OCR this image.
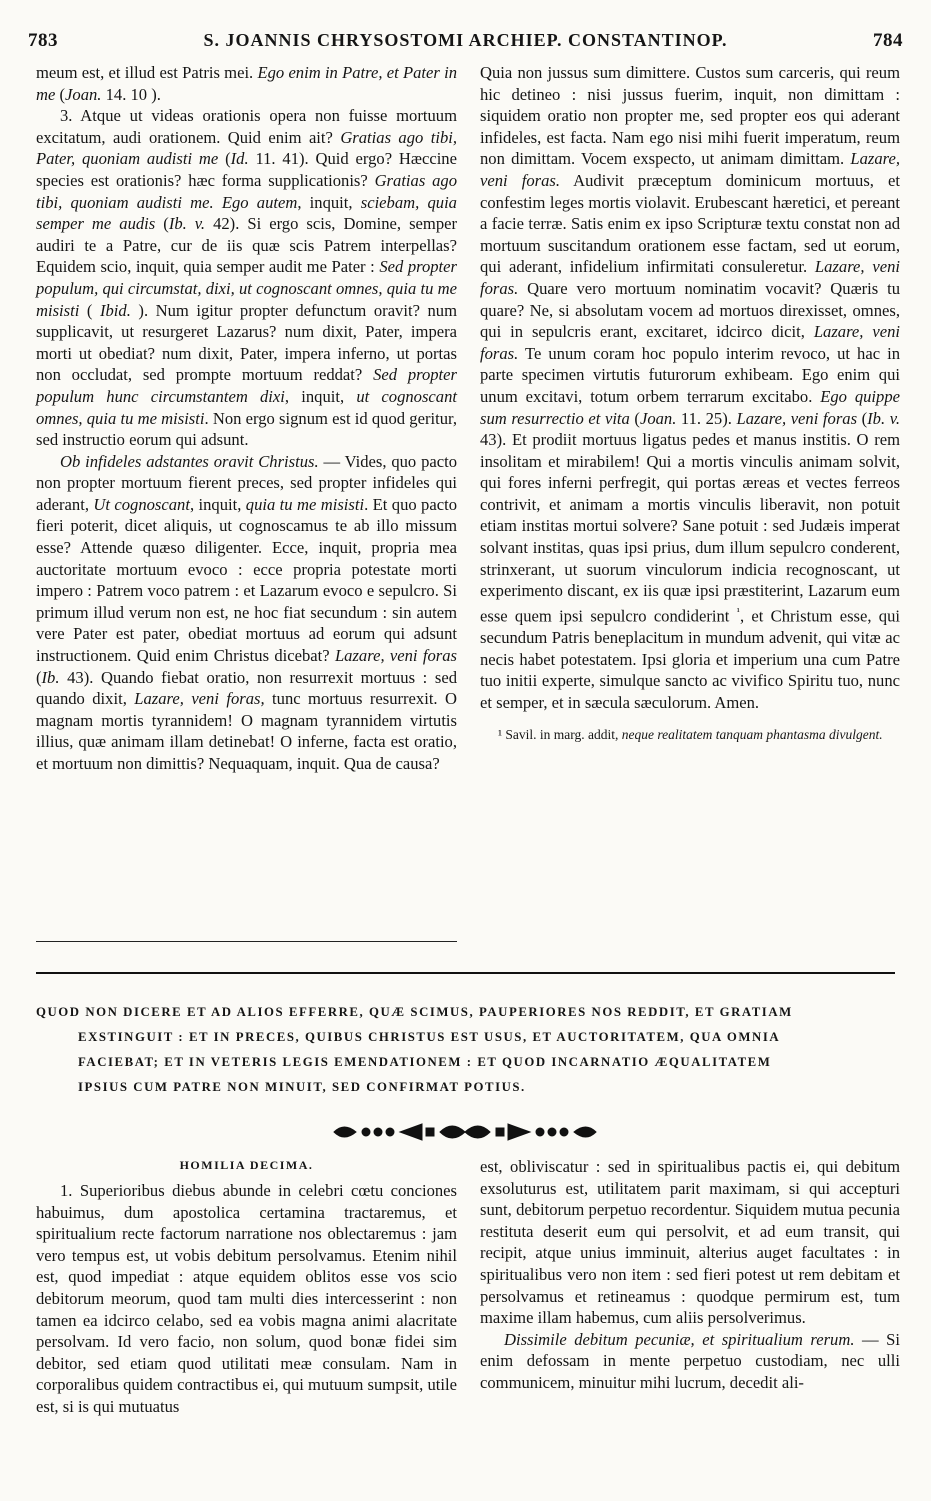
783	S. JOANNIS CHRYSOSTOMI ARCHIEP. CONSTANTINOP.	784

meum est, et illud est Patris mei. Ego enim in Patre, et Pater in me (Joan. 14. 10 ).

3. Atque ut videas orationis opera non fuisse mortuum excitatum, audi orationem. Quid enim ait? Gratias ago tibi, Pater, quoniam audisti me (Id. 11. 41). Quid ergo? Hæccine species est orationis? hæc forma supplicationis? Gratias ago tibi, quoniam audisti me. Ego autem, inquit, sciebam, quia semper me audis (Ib. v. 42). Si ergo scis, Domine, semper audiri te a Patre, cur de iis quæ scis Patrem interpellas? Equidem scio, inquit, quia semper audit me Pater : Sed propter populum, qui circumstat, dixi, ut cognoscant omnes, quia tu me misisti ( Ibid. ). Num igitur propter defunctum oravit? num supplicavit, ut resurgeret Lazarus? num dixit, Pater, impera morti ut obediat? num dixit, Pater, impera inferno, ut portas non occludat, sed prompte mortuum reddat? Sed propter populum hunc circumstantem dixi, inquit, ut cognoscant omnes, quia tu me misisti. Non ergo signum est id quod geritur, sed instructio eorum qui adsunt.

Ob infideles adstantes oravit Christus. — Vides, quo pacto non propter mortuum fierent preces, sed propter infideles qui aderant, Ut cognoscant, inquit, quia tu me misisti. Et quo pacto fieri poterit, dicet aliquis, ut cognoscamus te ab illo missum esse? Attende quæso diligenter. Ecce, inquit, propria mea auctoritate mortuum evoco : ecce propria potestate morti impero : Patrem voco patrem : et Lazarum evoco e sepulcro. Si primum illud verum non est, ne hoc fiat secundum : sin autem vere Pater est pater, obediat mortuus ad eorum qui adsunt instructionem. Quid enim Christus dicebat? Lazare, veni foras (Ib. 43). Quando fiebat oratio, non resurrexit mortuus : sed quando dixit, Lazare, veni foras, tunc mortuus resurrexit. O magnam mortis tyrannidem! O magnam tyrannidem virtutis illius, quæ animam illam detinebat! O inferne, facta est oratio, et mortuum non dimittis? Nequaquam, inquit. Qua de causa?

Quia non jussus sum dimittere. Custos sum carceris, qui reum hic detineo : nisi jussus fuerim, inquit, non dimittam : siquidem oratio non propter me, sed propter eos qui aderant infideles, est facta. Nam ego nisi mihi fuerit imperatum, reum non dimittam. Vocem exspecto, ut animam dimittam. Lazare, veni foras. Audivit præceptum dominicum mortuus, et confestim leges mortis violavit. Erubescant hæretici, et pereant a facie terræ. Satis enim ex ipso Scripturæ textu constat non ad mortuum suscitandum orationem esse factam, sed ut eorum, qui aderant, infidelium infirmitati consuleretur. Lazare, veni foras. Quare vero mortuum nominatim vocavit? Quæris tu quare? Ne, si absolutam vocem ad mortuos direxisset, omnes, qui in sepulcris erant, excitaret, idcirco dicit, Lazare, veni foras. Te unum coram hoc populo interim revoco, ut hac in parte specimen virtutis futurorum exhibeam. Ego enim qui unum excitavi, totum orbem terrarum excitabo. Ego quippe sum resurrectio et vita (Joan. 11. 25). Lazare, veni foras (Ib. v. 43). Et prodiit mortuus ligatus pedes et manus institis. O rem insolitam et mirabilem! Qui a mortis vinculis animam solvit, qui fores inferni perfregit, qui portas æreas et vectes ferreos contrivit, et animam a mortis vinculis liberavit, non potuit etiam institas mortui solvere? Sane potuit : sed Judæis imperat solvant institas, quas ipsi prius, dum illum sepulcro conderent, strinxerant, ut suorum vinculorum indicia recognoscant, ut experimento discant, ex iis quæ ipsi præstiterint, Lazarum eum esse quem ipsi sepulcro condiderint $^{^1}$, et Christum esse, qui secundum Patris beneplacitum in mundum advenit, qui vitæ ac necis habet potestatem. Ipsi gloria et imperium una cum Patre tuo initii experte, simulque sancto ac vivifico Spiritu tuo, nunc et semper, et in sæcula sæculorum. Amen.

¹ Savil. in marg. addit, neque realitatem tanquam phantasma divulgent.

QUOD NON DICERE ET AD ALIOS EFFERRE, QUÆ SCIMUS, PAUPERIORES NOS REDDIT, ET GRATIAM
EXSTINGUIT : ET IN PRECES, QUIBUS CHRISTUS EST USUS, ET AUCTORITATEM, QUA OMNIA
FACIEBAT; ET IN VETERIS LEGIS EMENDATIONEM : ET QUOD INCARNATIO ÆQUALITATEM
IPSIUS CUM PATRE NON MINUIT, SED CONFIRMAT POTIUS.
HOMILIA DECIMA.

1. Superioribus diebus abunde in celebri cœtu conciones habuimus, dum apostolica certamina tractaremus, et spiritualium recte factorum narratione nos oblectaremus : jam vero tempus est, ut vobis debitum persolvamus. Etenim nihil est, quod impediat : atque equidem oblitos esse vos scio debitorum meorum, quod tam multi dies intercesserint : non tamen ea idcirco celabo, sed ea vobis magna animi alacritate persolvam. Id vero facio, non solum, quod bonæ fidei sim debitor, sed etiam quod utilitati meæ consulam. Nam in corporalibus quidem contractibus ei, qui mutuum sumpsit, utile est, si is qui mutuatus

est, obliviscatur : sed in spiritualibus pactis ei, qui debitum exsoluturus est, utilitatem parit maximam, si qui accepturi sunt, debitorum perpetuo recordentur. Siquidem mutua pecunia restituta deserit eum qui persolvit, et ad eum transit, qui recipit, atque unius imminuit, alterius auget facultates : in spiritualibus vero non item : sed fieri potest ut rem debitam et persolvamus et retineamus : quodque permirum est, tum maxime illam habemus, cum aliis persolverimus.

Dissimile debitum pecuniæ, et spiritualium rerum. — Si enim defossam in mente perpetuo custodiam, nec ulli communicem, minuitur mihi lucrum, decedit ali-
